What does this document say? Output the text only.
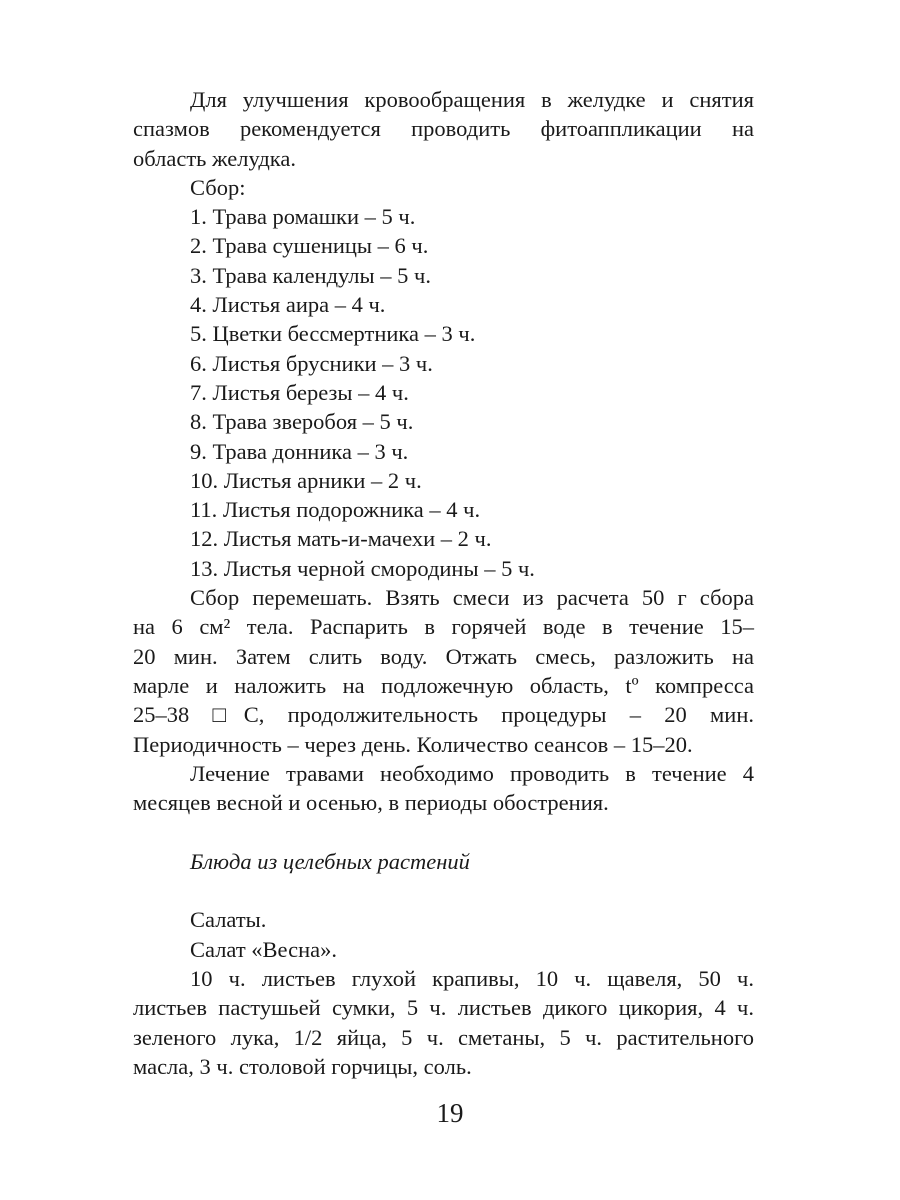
Для улучшения кровообращения в желудке и снятия
спазмов рекомендуется проводить фитоаппликации на
область желудка.
Сбор:
1. Трава ромашки – 5 ч.
2. Трава сушеницы – 6 ч.
3. Трава календулы – 5 ч.
4. Листья аира – 4 ч.
5. Цветки бессмертника – 3 ч.
6. Листья брусники – 3 ч.
7. Листья березы – 4 ч.
8. Трава зверобоя – 5 ч.
9. Трава донника – 3 ч.
10. Листья арники – 2 ч.
11. Листья подорожника – 4 ч.
12. Листья мать-и-мачехи – 2 ч.
13. Листья черной смородины – 5 ч.
Сбор перемешать. Взять смеси из расчета 50 г сбора
на 6 см² тела. Распарить в горячей воде в течение 15–
20 мин. Затем слить воду. Отжать смесь, разложить на
марле и наложить на подложечную область, tº компресса
25–38 □С, продолжительность процедуры – 20 мин.
Периодичность – через день. Количество сеансов – 15–20.
Лечение травами необходимо проводить в течение 4
месяцев весной и осенью, в периоды обострения.
Блюда из целебных растений
Салаты.
Салат «Весна».
10 ч. листьев глухой крапивы, 10 ч. щавеля, 50 ч.
листьев пастушьей сумки, 5 ч. листьев дикого цикория, 4 ч.
зеленого лука, 1/2 яйца, 5 ч. сметаны, 5 ч. растительного
масла, 3 ч. столовой горчицы, соль.
19
